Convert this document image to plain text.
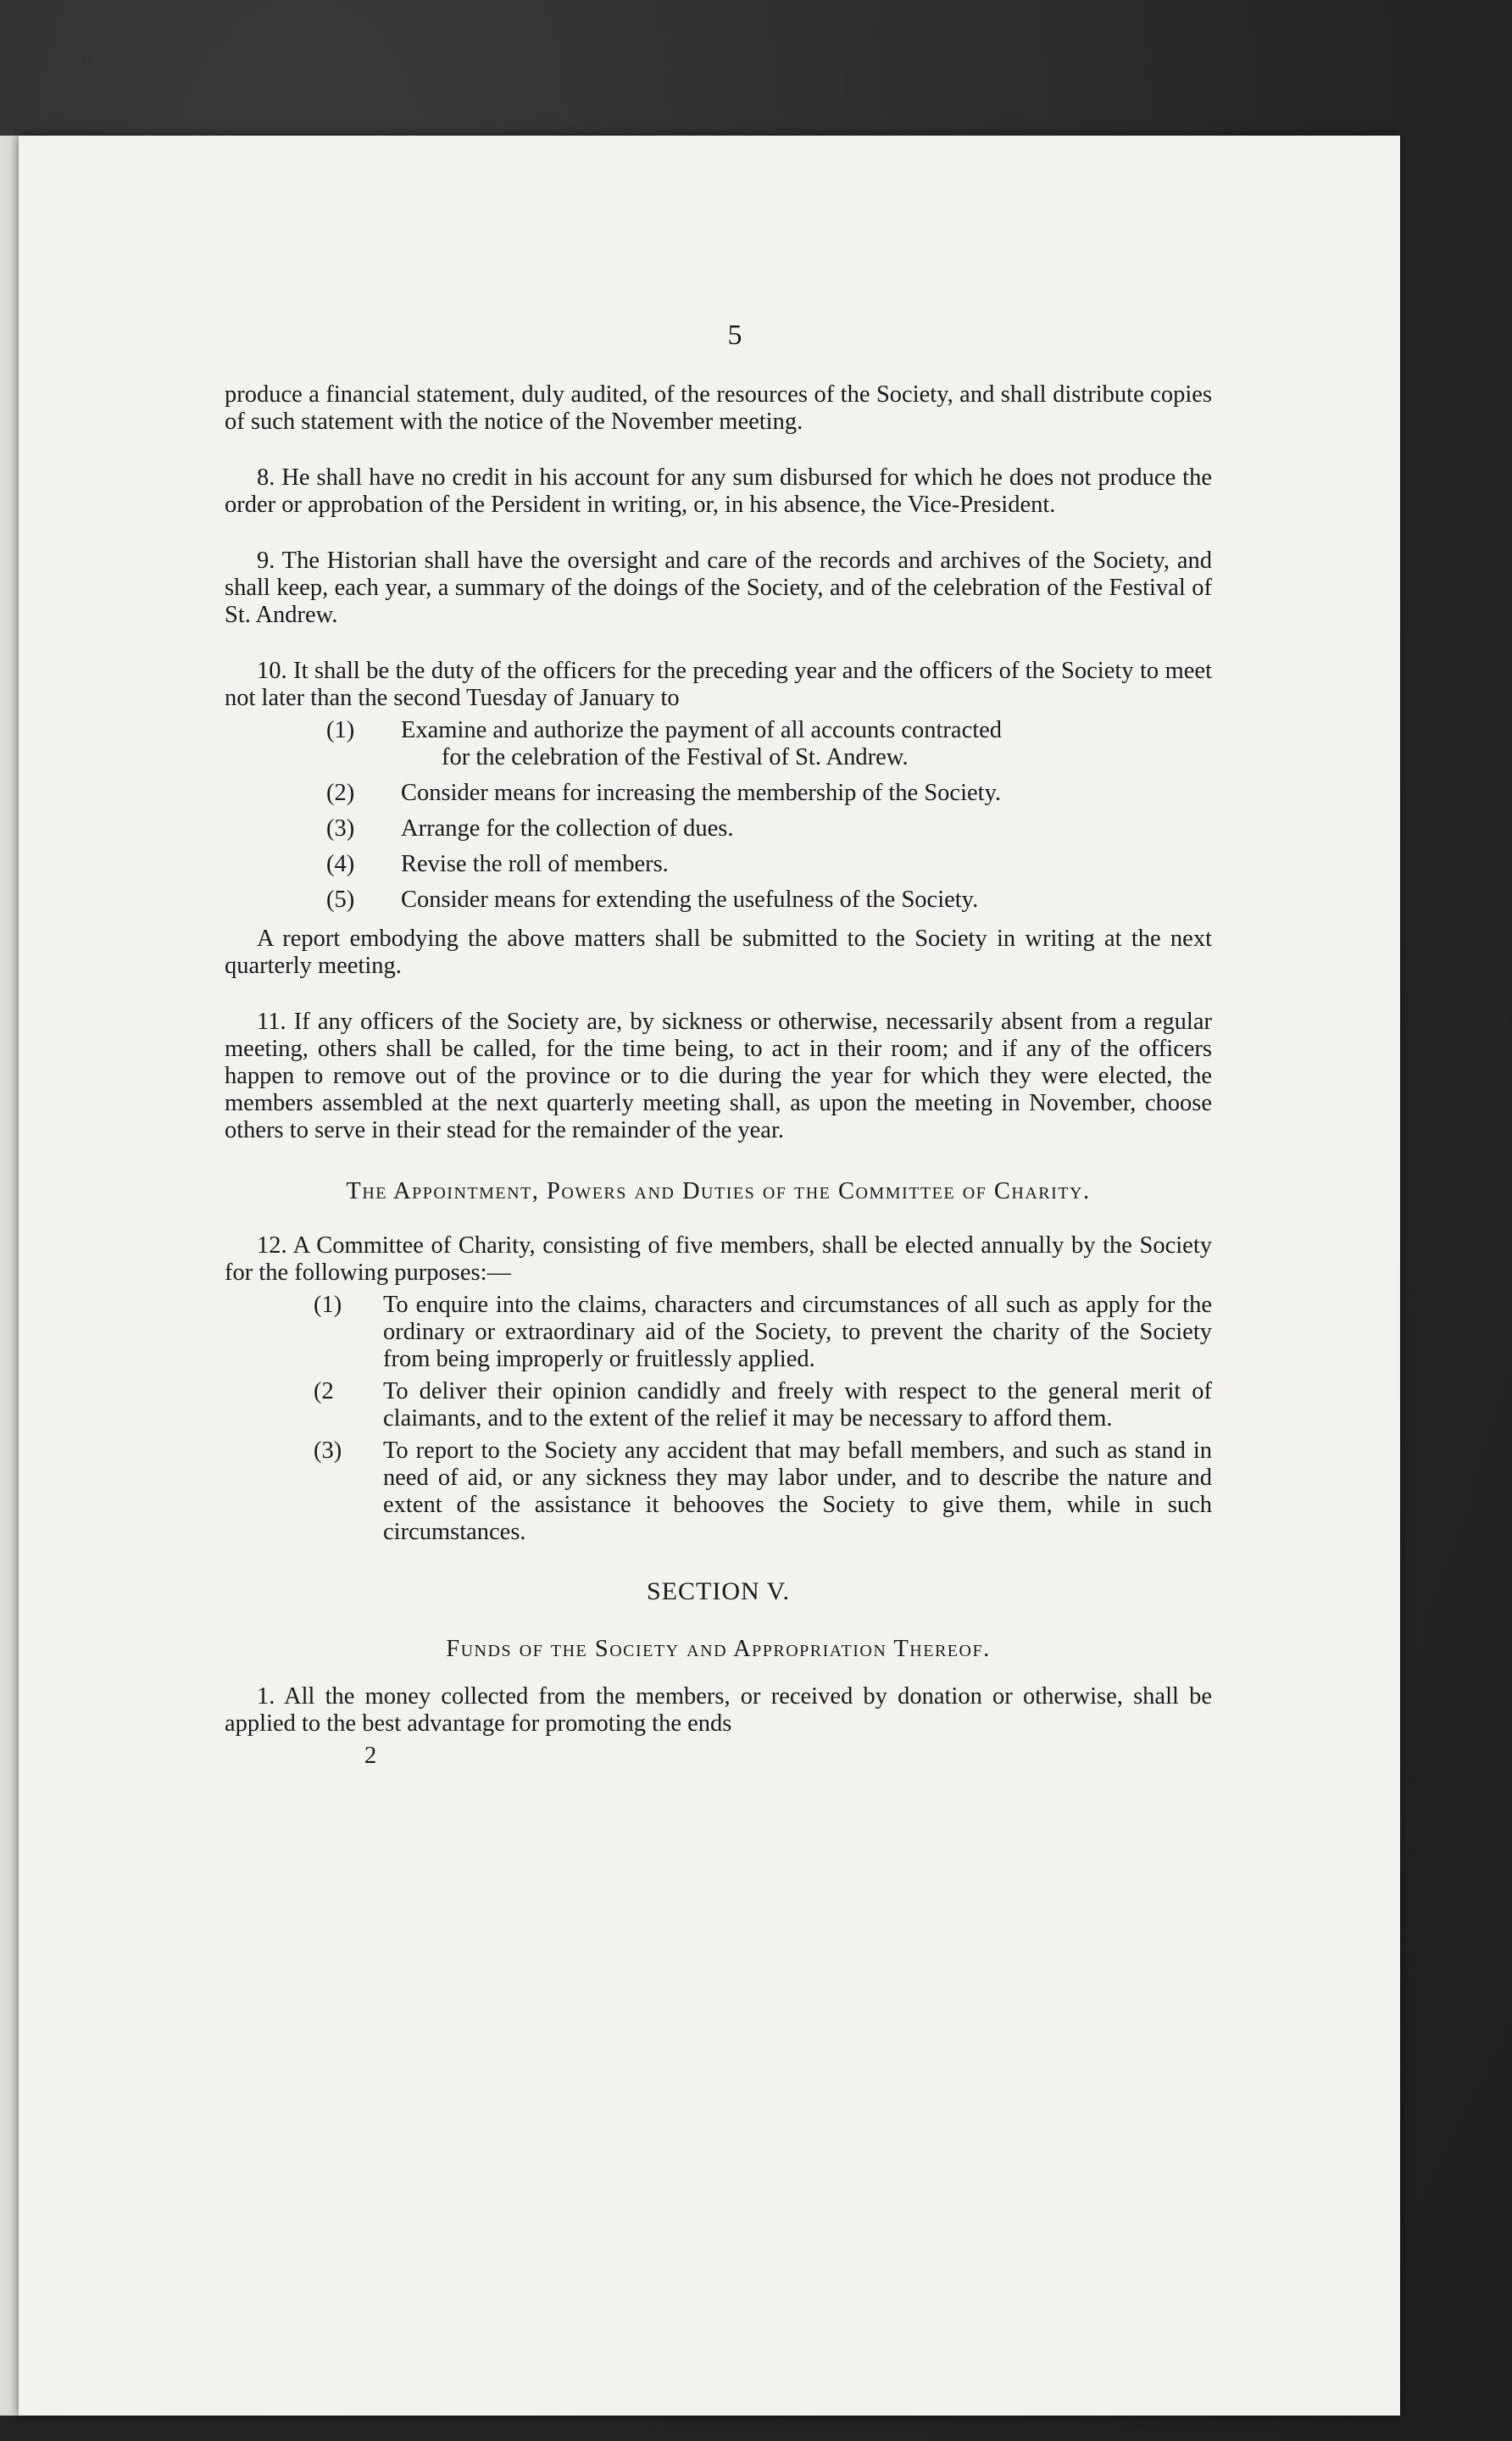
5

produce a financial statement, duly audited, of the resources of the Society, and shall distribute copies of such statement with the notice of the November meeting.

8. He shall have no credit in his account for any sum disbursed for which he does not produce the order or approbation of the Persident in writing, or, in his absence, the Vice-President.

9. The Historian shall have the oversight and care of the records and archives of the Society, and shall keep, each year, a summary of the doings of the Society, and of the celebration of the Festival of St. Andrew.

10. It shall be the duty of the officers for the preceding year and the officers of the Society to meet not later than the second Tuesday of January to

(1)	Examine and authorize the payment of all accounts contracted
for the celebration of the Festival of St. Andrew.
(2)	Consider means for increasing the membership of the Society.
(3)	Arrange for the collection of dues.
(4)	Revise the roll of members.
(5)	Consider means for extending the usefulness of the Society.

A report embodying the above matters shall be submitted to the Society in writing at the next quarterly meeting.

11. If any officers of the Society are, by sickness or otherwise, necessarily absent from a regular meeting, others shall be called, for the time being, to act in their room; and if any of the officers happen to remove out of the province or to die during the year for which they were elected, the members assembled at the next quarterly meeting shall, as upon the meeting in November, choose others to serve in their stead for the remainder of the year.

The Appointment, Powers and Duties of the Committee of Charity.

12. A Committee of Charity, consisting of five members, shall be elected annually by the Society for the following purposes:—

(1)	To enquire into the claims, characters and circumstances of all such as apply for the ordinary or extraordinary aid of the Society, to prevent the charity of the Society from being improperly or fruitlessly applied.
(2	To deliver their opinion candidly and freely with respect to the general merit of claimants, and to the extent of the relief it may be necessary to afford them.
(3)	To report to the Society any accident that may befall members, and such as stand in need of aid, or any sickness they may labor under, and to describe the nature and extent of the assistance it behooves the Society to give them, while in such circumstances.
SECTION V.
Funds of the Society and Appropriation Thereof.

1. All the money collected from the members, or received by donation or otherwise, shall be applied to the best advantage for promoting the ends

2
